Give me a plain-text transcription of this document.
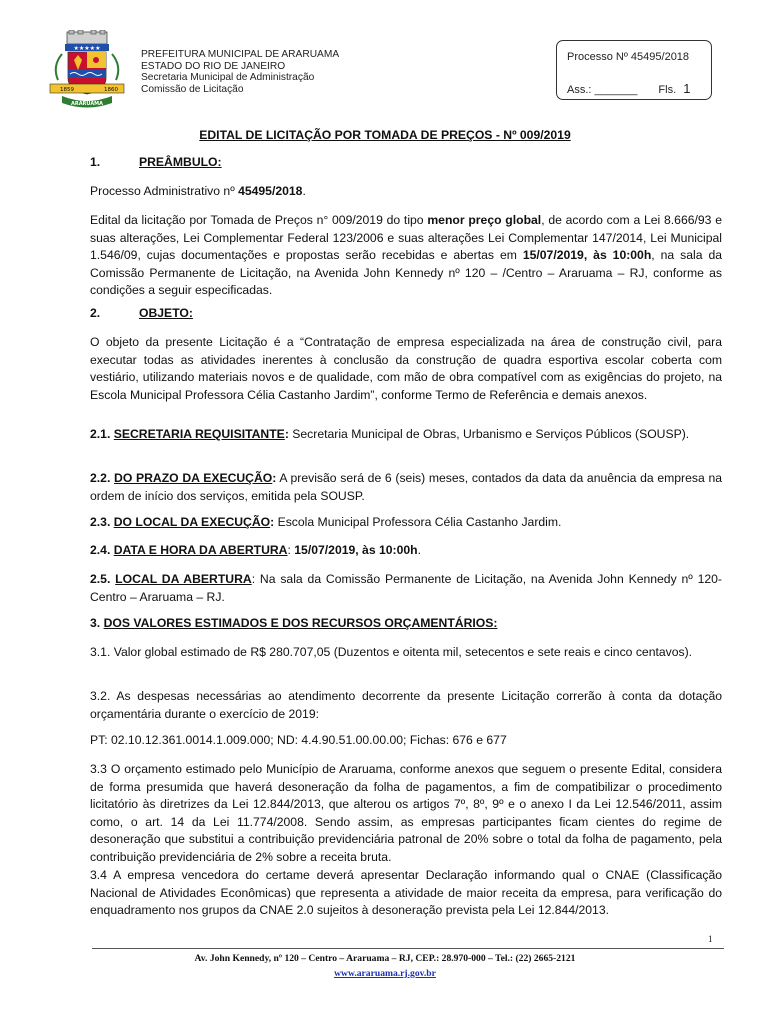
★★★★★
1859	1860
ARARUAMA
PREFEITURA MUNICIPAL DE ARARUAMA
ESTADO DO RIO DE JANEIRO
Secretaria Municipal de Administração
Comissão de Licitação
Processo Nº 45495/2018
Ass.: _______ Fls. 1
EDITAL DE LICITAÇÃO POR TOMADA DE PREÇOS - Nº 009/2019
1.	PREÂMBULO:
Processo Administrativo nº 45495/2018.
Edital da licitação por Tomada de Preços n° 009/2019 do tipo menor preço global, de acordo com a Lei 8.666/93 e suas alterações, Lei Complementar Federal 123/2006 e suas alterações Lei Complementar 147/2014, Lei Municipal 1.546/09, cujas documentações e propostas serão recebidas e abertas em 15/07/2019, às 10:00h, na sala da Comissão Permanente de Licitação, na Avenida John Kennedy nº 120 – /Centro – Araruama – RJ, conforme as condições a seguir especificadas.
2.	OBJETO:
O objeto da presente Licitação é a “Contratação de empresa especializada na área de construção civil, para executar todas as atividades inerentes à conclusão da construção de quadra esportiva escolar coberta com vestiário, utilizando materiais novos e de qualidade, com mão de obra compatível com as exigências do projeto, na Escola Municipal Professora Célia Castanho Jardim”, conforme Termo de Referência e demais anexos.
2.1. SECRETARIA REQUISITANTE: Secretaria Municipal de Obras, Urbanismo e Serviços Públicos (SOUSP).
2.2. DO PRAZO DA EXECUÇÃO: A previsão será de 6 (seis) meses, contados da data da anuência da empresa na ordem de início dos serviços, emitida pela SOUSP.
2.3. DO LOCAL DA EXECUÇÃO: Escola Municipal Professora Célia Castanho Jardim.
2.4. DATA E HORA DA ABERTURA: 15/07/2019, às 10:00h.
2.5. LOCAL DA ABERTURA: Na sala da Comissão Permanente de Licitação, na Avenida John Kennedy nº 120- Centro – Araruama – RJ.
3. DOS VALORES ESTIMADOS E DOS RECURSOS ORÇAMENTÁRIOS:
3.1. Valor global estimado de R$ 280.707,05 (Duzentos e oitenta mil, setecentos e sete reais e cinco centavos).
3.2. As despesas necessárias ao atendimento decorrente da presente Licitação correrão à conta da dotação orçamentária durante o exercício de 2019:
PT: 02.10.12.361.0014.1.009.000; ND: 4.4.90.51.00.00.00; Fichas: 676 e 677
3.3 O orçamento estimado pelo Município de Araruama, conforme anexos que seguem o presente Edital, considera de forma presumida que haverá desoneração da folha de pagamentos, a fim de compatibilizar o procedimento licitatório às diretrizes da Lei 12.844/2013, que alterou os artigos 7º, 8º, 9º e o anexo I da Lei 12.546/2011, assim como, o art. 14 da Lei 11.774/2008. Sendo assim, as empresas participantes ficam cientes do regime de desoneração que substitui a contribuição previdenciária patronal de 20% sobre o total da folha de pagamento, pela contribuição previdenciária de 2% sobre a receita bruta.
3.4 A empresa vencedora do certame deverá apresentar Declaração informando qual o CNAE (Classificação Nacional de Atividades Econômicas) que representa a atividade de maior receita da empresa, para verificação do enquadramento nos grupos da CNAE 2.0 sujeitos à desoneração prevista pela Lei 12.844/2013.
1
Av. John Kennedy, nº 120 – Centro – Araruama – RJ, CEP.: 28.970-000 – Tel.: (22) 2665-2121
www.araruama.rj.gov.br
